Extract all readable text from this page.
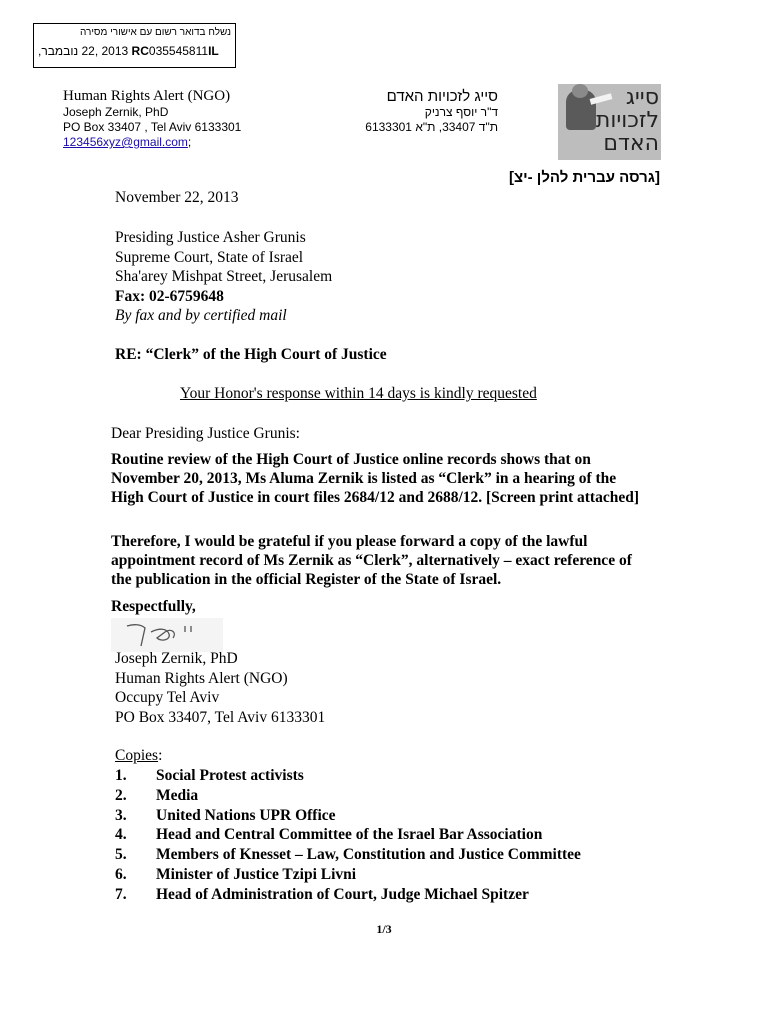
נשלח בדואר רשום עם אישורי מסירה
2013 ,22 נובמבר, RC035545811IL
Human Rights Alert (NGO)
Joseph Zernik, PhD
PO Box 33407 , Tel Aviv 6133301
123456xyz@gmail.com;
סייג לזכויות האדם
ד"ר יוסף צרניק
ת"ד 33407, ת"א 6133301
סייג לזכויות האדם
[גרסה עברית להלן -יצ]
November 22, 2013
Presiding Justice Asher Grunis
Supreme Court, State of Israel
Sha'arey Mishpat Street, Jerusalem
Fax: 02-6759648
By fax and by certified mail
RE: “Clerk” of the High Court of Justice
Your Honor's response within 14 days is kindly requested
Dear Presiding Justice Grunis:
Routine review of the High Court of Justice online records shows that on November 20, 2013, Ms Aluma Zernik is listed as “Clerk” in a hearing of the High Court of Justice in court files 2684/12 and 2688/12. [Screen print attached]
Therefore, I would be grateful if you please forward a copy of the lawful appointment record of Ms Zernik as “Clerk”, alternatively – exact reference of the publication in the official Register of the State of Israel.
Respectfully,
Joseph Zernik, PhD
Human Rights Alert (NGO)
Occupy Tel Aviv
PO Box 33407, Tel Aviv 6133301
Copies:
1. Social Protest activists
2. Media
3. United Nations UPR Office
4. Head and Central Committee of the Israel Bar Association
5. Members of Knesset – Law, Constitution and Justice Committee
6. Minister of Justice Tzipi Livni
7. Head of Administration of Court, Judge Michael Spitzer
1/3
